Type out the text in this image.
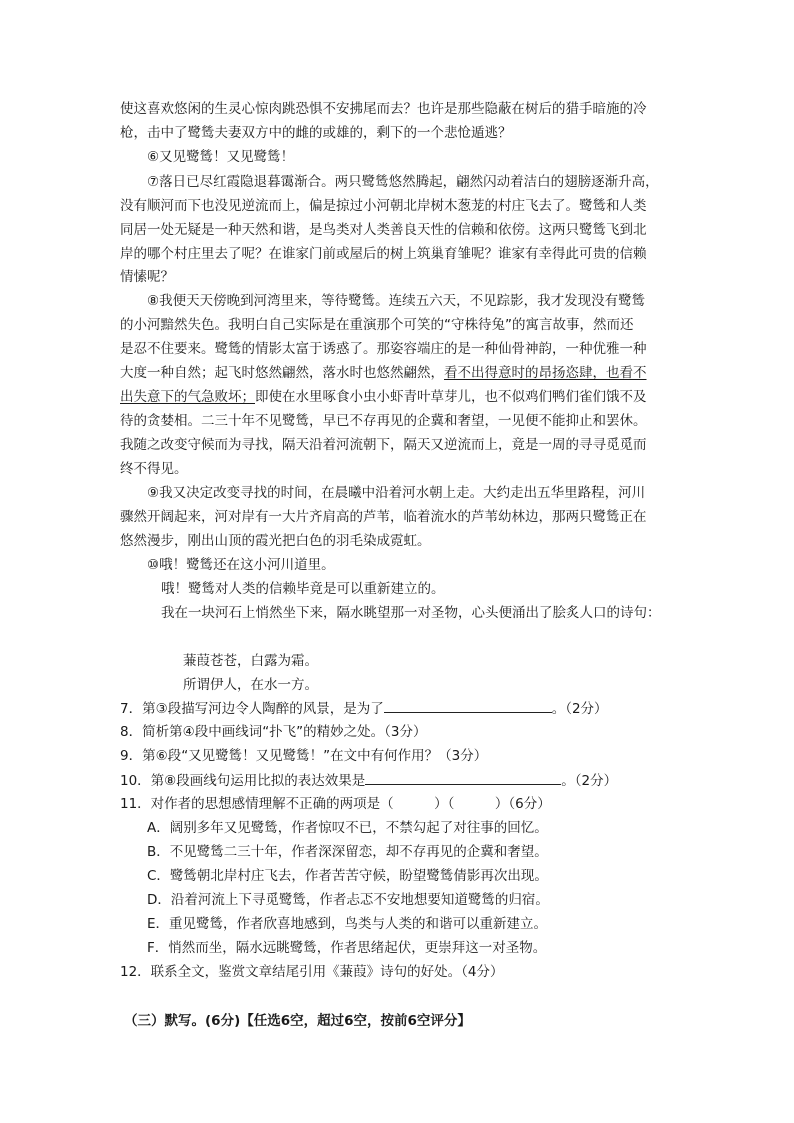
使这喜欢悠闲的生灵心惊肉跳恐惧不安拂尾而去？也许是那些隐蔽在树后的猎手暗施的冷
枪，击中了鹭鸶夫妻双方中的雌的或雄的，剩下的一个悲怆遁逃？
⑥又见鹭鸶！又见鹭鸶！
⑦落日已尽红霞隐退暮霭渐合。两只鹭鸶悠然腾起，翩然闪动着洁白的翅膀逐渐升高，
没有顺河而下也没见逆流而上，偏是掠过小河朝北岸树木葱茏的村庄飞去了。鹭鸶和人类
同居一处无疑是一种天然和谐，是鸟类对人类善良天性的信赖和依傍。这两只鹭鸶飞到北
岸的哪个村庄里去了呢？在谁家门前或屋后的树上筑巢育雏呢？谁家有幸得此可贵的信赖
情愫呢？
⑧我便天天傍晚到河湾里来，等待鹭鸶。连续五六天，不见踪影，我才发现没有鹭鸶
的小河黯然失色。我明白自己实际是在重演那个可笑的“守株待兔”的寓言故事，然而还
是忍不住要来。鹭鸶的情影太富于诱惑了。那姿容端庄的是一种仙骨神韵，一种优雅一种
大度一种自然；起飞时悠然翩然，落水时也悠然翩然，看不出得意时的昂扬恣肆，也看不
出失意下的气急败坏；即使在水里啄食小虫小虾青叶草芽儿，也不似鸡们鸭们雀们饿不及
待的贪婪相。二三十年不见鹭鸶，早已不存再见的企冀和奢望，一见便不能抑止和罢休。
我随之改变守候而为寻找，隔天沿着河流朝下，隔天又逆流而上，竟是一周的寻寻觅觅而
终不得见。
⑨我又决定改变寻找的时间，在晨曦中沿着河水朝上走。大约走出五华里路程，河川
骤然开阔起来，河对岸有一大片齐肩高的芦苇，临着流水的芦苇幼林边，那两只鹭鸶正在
悠然漫步，刚出山顶的霞光把白色的羽毛染成霓虹。
⑩哦！鹭鸶还在这小河川道里。
哦！鹭鸶对人类的信赖毕竟是可以重新建立的。
我在一块河石上悄然坐下来，隔水眺望那一对圣物，心头便涌出了脍炙人口的诗句：
蒹葭苍苍，白露为霜。
所谓伊人，在水一方。
7．第③段描写河边令人陶醉的风景，是为了	。（2分）
8．简析第④段中画线词“扑飞”的精妙之处。（3分）
9．第⑥段“又见鹭鸶！又见鹭鸶！”在文中有何作用？（3分）
10．第⑧段画线句运用比拟的表达效果是	。（2分）
11．对作者的思想感情理解不正确的两项是（　　　）（　　　）（6分）
A．阔别多年又见鹭鸶，作者惊叹不已，不禁勾起了对往事的回忆。
B．不见鹭鸶二三十年，作者深深留恋，却不存再见的企冀和奢望。
C．鹭鸶朝北岸村庄飞去，作者苦苦守候，盼望鹭鸶倩影再次出现。
D．沿着河流上下寻觅鹭鸶，作者忐忑不安地想要知道鹭鸶的归宿。
E．重见鹭鸶，作者欣喜地感到，鸟类与人类的和谐可以重新建立。
F．悄然而坐，隔水远眺鹭鸶，作者思绪起伏，更崇拜这一对圣物。
12．联系全文，鉴赏文章结尾引用《蒹葭》诗句的好处。（4分）
（三）默写。(6分)【任选6空，超过6空，按前6空评分】
